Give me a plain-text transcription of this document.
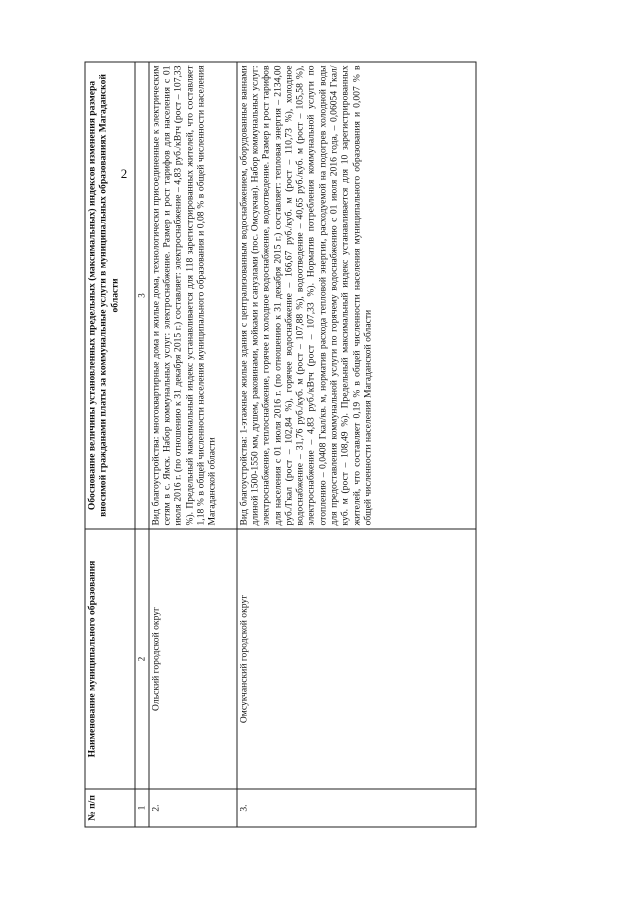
2
№ п/п	Наименование муниципального образования	Обоснование величины установленных предельных (максимальных) индексов изменения размера вносимой гражданами платы за коммунальные услуги в муниципальных образованиях Магаданской области
1	2	3
2.	Ольский городской округ	Вид благоустройства: многоквартирные дома и жилые дома, технологически присоединенные к электрическим сетям в с. Ямск. Набор коммунальных услуг: электроснабжение. Размер и рост тарифов для населения с 01 июля 2016 г. (по отношению к 31 декабря 2015 г.) составляет: электроснабжение – 4,83 руб./кВтч (рост – 107,33 %). Предельный максимальный индекс устанавливается для 118 зарегистрированных жителей, что составляет 1,18 % в общей численности населения муниципального образования и 0,08 % в общей численности населения Магаданской области
3.	Омсукчанский городской округ	Вид благоустройства: 1-этажные жилые здания с централизованным водоснабжением, оборудованные ваннами длиной 1500-1550 мм, душем, раковинами, мойками и санузлами (пос. Омсукчан). Набор коммунальных услуг: электроснабжение, теплоснабжение, горячее и холодное водоснабжение, водоотведение. Размер и рост тарифов для населения с 01 июля 2016 г. (по отношению к 31 декабря 2015 г.) составляет: тепловая энергия – 2134,00 руб./Гкал (рост – 102,84 %), горячее водоснабжение – 166,67 руб./куб. м (рост – 110,73 %), холодное водоснабжение – 31,76 руб./куб. м (рост – 107,88 %), водоотведение – 40,65 руб./куб. м (рост – 105,58 %), электроснабжение – 4,83 руб./кВтч (рост – 107,33 %). Норматив потребления коммунальной услуги по отоплению – 0,0408 Гкал/кв. м, норматив расхода тепловой энергии, расходуемой на подогрев холодной воды для предоставления коммунальной услуги по горячему водоснабжению с 01 июля 2016 года, – 0,06054 Гкал/ куб. м (рост – 108,49 %). Предельный максимальный индекс устанавливается для 10 зарегистрированных жителей, что составляет 0,19 % в общей численности населения муниципального образования и 0,007 % в общей численности населения Магаданской области
